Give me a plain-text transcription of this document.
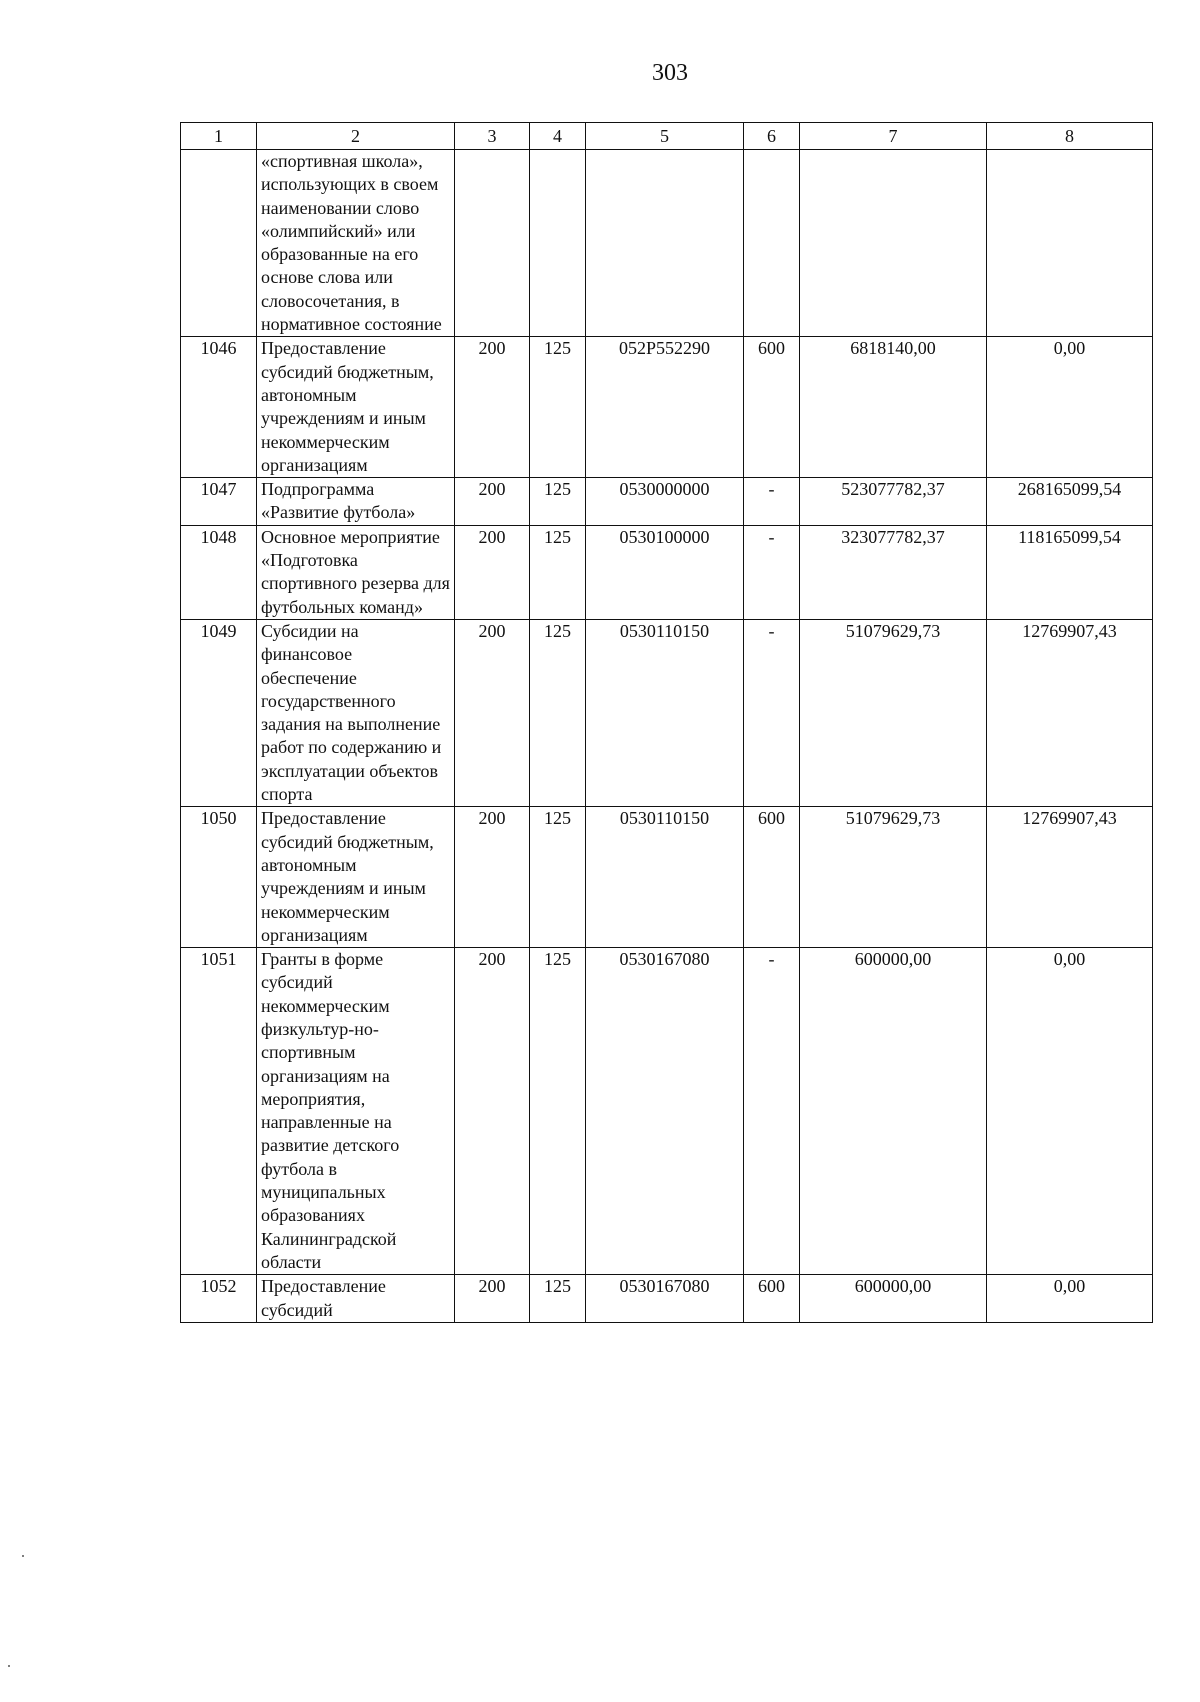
303
1	2	3	4	5	6	7	8
	«спортивная школа», использующих в своем наименовании слово «олимпийский» или образованные на его основе слова или словосочетания, в нормативное состояние						
1046	Предоставление субсидий бюджетным, автономным учреждениям и иным некоммерческим организациям	200	125	052P552290	600	6818140,00	0,00
1047	Подпрограмма «Развитие футбола»	200	125	0530000000	-	523077782,37	268165099,54
1048	Основное мероприятие «Подготовка спортивного резерва для футбольных команд»	200	125	0530100000	-	323077782,37	118165099,54
1049	Субсидии на финансовое обеспечение государственного задания на выполнение работ по содержанию и эксплуатации объектов спорта	200	125	0530110150	-	51079629,73	12769907,43
1050	Предоставление субсидий бюджетным, автономным учреждениям и иным некоммерческим организациям	200	125	0530110150	600	51079629,73	12769907,43
1051	Гранты в форме субсидий некоммерческим физкультур-но-спортивным организациям на мероприятия, направленные на развитие детского футбола в муниципальных образованиях Калининградской области	200	125	0530167080	-	600000,00	0,00
1052	Предоставление субсидий	200	125	0530167080	600	600000,00	0,00
